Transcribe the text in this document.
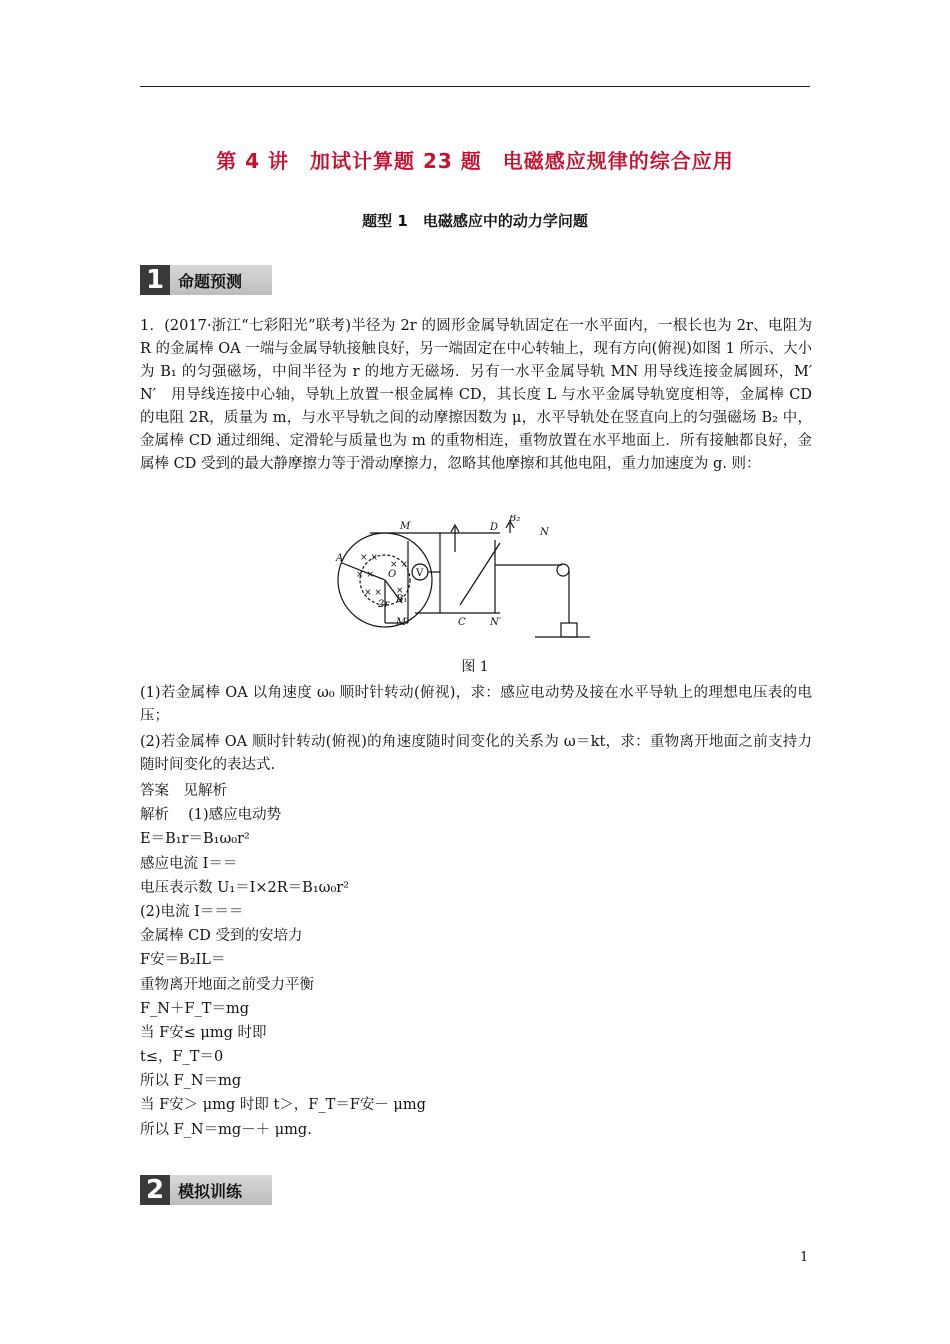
第 4 讲　加试计算题 23 题　电磁感应规律的综合应用
题型 1　电磁感应中的动力学问题
1 命题预测

1．(2017·浙江“七彩阳光”联考)半径为 2r 的圆形金属导轨固定在一水平面内，一根长也为 2r、电阻为 R 的金属棒 OA 一端与金属导轨接触良好，另一端固定在中心转轴上，现有方向(俯视)如图 1 所示、大小为 B₁ 的匀强磁场，中间半径为 r 的地方无磁场．另有一水平金属导轨 MN 用导线连接金属圆环，M′　N′　用导线连接中心轴，导轨上放置一根金属棒 CD，其长度 L 与水平金属导轨宽度相等，金属棒 CD 的电阻 2R，质量为 m，与水平导轨之间的动摩擦因数为 μ，水平导轨处在竖直向上的匀强磁场 B₂ 中，金属棒 CD 通过细绳、定滑轮与质量也为 m 的重物相连，重物放置在水平地面上．所有接触都良好，金属棒 CD 受到的最大静摩擦力等于滑动摩擦力，忽略其他摩擦和其他电阻，重力加速度为 g. 则：

× ×
× ×
× ×
×
× ×
B₂
M
N
D
A
O V
B₁
2r
M′	C N′
图 1

(1)若金属棒 OA 以角速度 ω₀ 顺时针转动(俯视)，求：感应电动势及接在水平导轨上的理想电压表的电压；

(2)若金属棒 OA 顺时针转动(俯视)的角速度随时间变化的关系为 ω＝kt，求：重物离开地面之前支持力随时间变化的表达式.

答案　见解析
解析　 (1)感应电动势
E＝B₁r＝B₁ω₀r²
感应电流 I＝＝
电压表示数 U₁＝I×2R＝B₁ω₀r²
(2)电流 I＝＝＝
金属棒 CD 受到的安培力
F安＝B₂IL＝
重物离开地面之前受力平衡
F_N＋F_T＝mg
当 F安≤ μmg 时即
t≤，F_T＝0
所以 F_N＝mg
当 F安＞ μmg 时即 t＞，F_T＝F安－ μmg
所以 F_N＝mg－＋ μmg.
2 模拟训练
1
